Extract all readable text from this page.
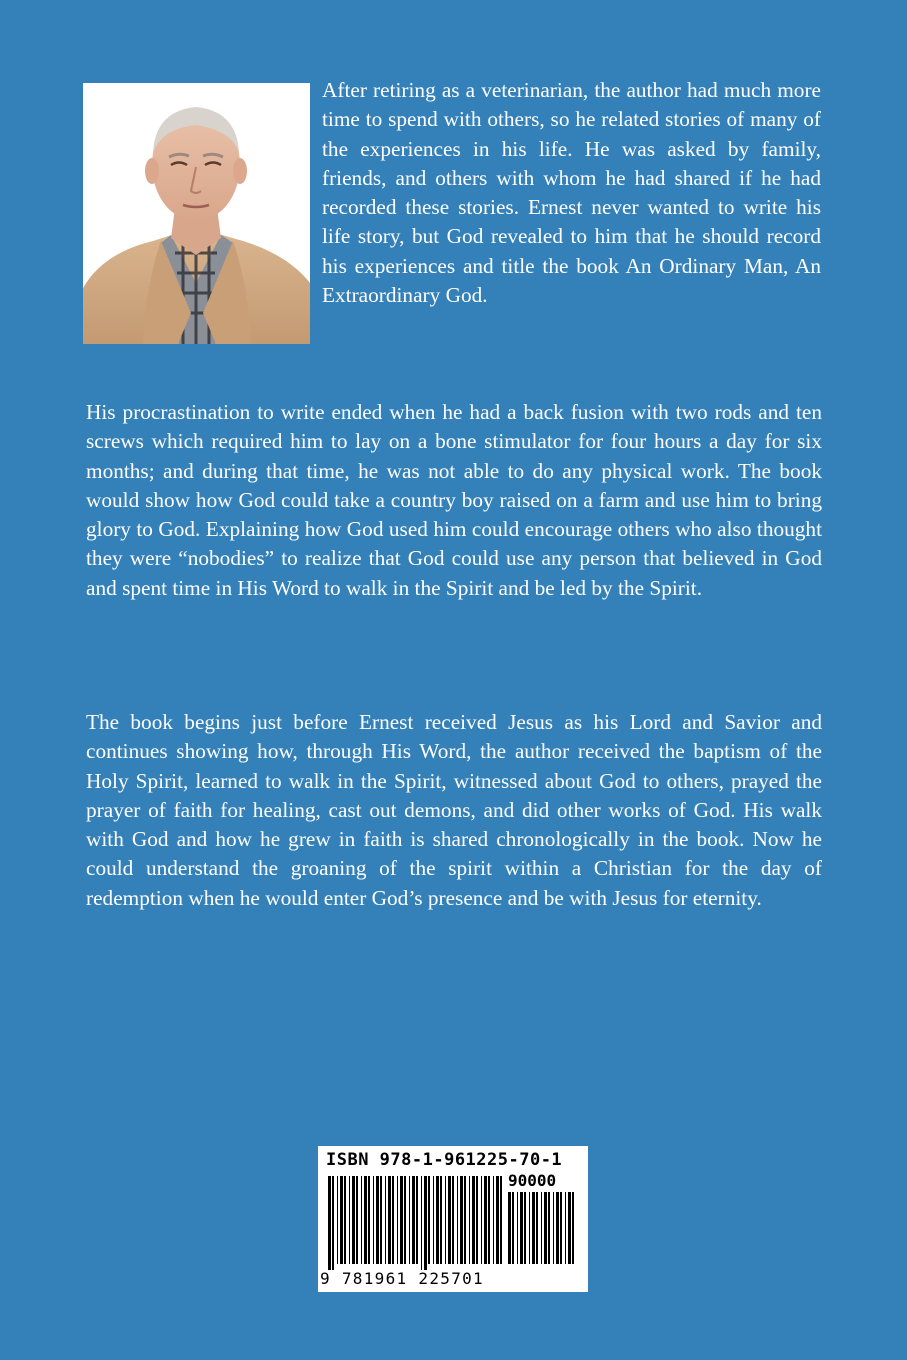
After retiring as a veterinarian, the author had much more time to spend with others, so he related stories of many of the experiences in his life. He was asked by family, friends, and others with whom he had shared if he had recorded these stories. Ernest never wanted to write his life story, but God revealed to him that he should record his experiences and title the book An Ordinary Man, An Extraordinary God.

His procrastination to write ended when he had a back fusion with two rods and ten screws which required him to lay on a bone stimulator for four hours a day for six months; and during that time, he was not able to do any physical work. The book would show how God could take a country boy raised on a farm and use him to bring glory to God. Explaining how God used him could encourage others who also thought they were “nobodies” to realize that God could use any person that believed in God and spent time in His Word to walk in the Spirit and be led by the Spirit.

The book begins just before Ernest received Jesus as his Lord and Savior and continues showing how, through His Word, the author received the baptism of the Holy Spirit, learned to walk in the Spirit, witnessed about God to others, prayed the prayer of faith for healing, cast out demons, and did other works of God. His walk with God and how he grew in faith is shared chronologically in the book. Now he could understand the groaning of the spirit within a Christian for the day of redemption when he would enter God’s presence and be with Jesus for eternity.

ISBN 978-1-961225-70-1
90000
9 781961 225701
